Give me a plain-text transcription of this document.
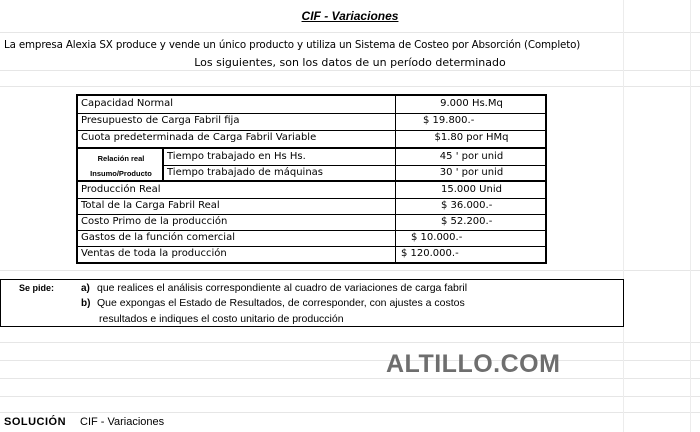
CIF - Variaciones
La empresa Alexia SX produce y vende un único producto y utiliza un Sistema de Costeo por Absorción (Completo)
Los siguientes, son los datos de un período determinado
Capacidad Normal	9.000 Hs.Mq
Presupuesto de Carga Fabril fija	$ 19.800.-
Cuota predeterminada de Carga Fabril Variable	$1.80 por HMq
Relación real
Insumo/Producto
Tiempo trabajado en Hs Hs.	45 ' por unid
Tiempo trabajado de máquinas	30 ' por unid
Producción Real	15.000 Unid
Total de la Carga Fabril Real	$ 36.000.-
Costo Primo de la producción	$ 52.200.-
Gastos de la función comercial	$ 10.000.-
Ventas de toda la producción	$ 120.000.-
Se pide:	a) que realices el análisis correspondiente al cuadro de variaciones de carga fabril
b) Que expongas el Estado de Resultados, de corresponder, con ajustes a costos
resultados e indiques el costo unitario de producción
ALTILLO.COM
SOLUCIÓN CIF - Variaciones
